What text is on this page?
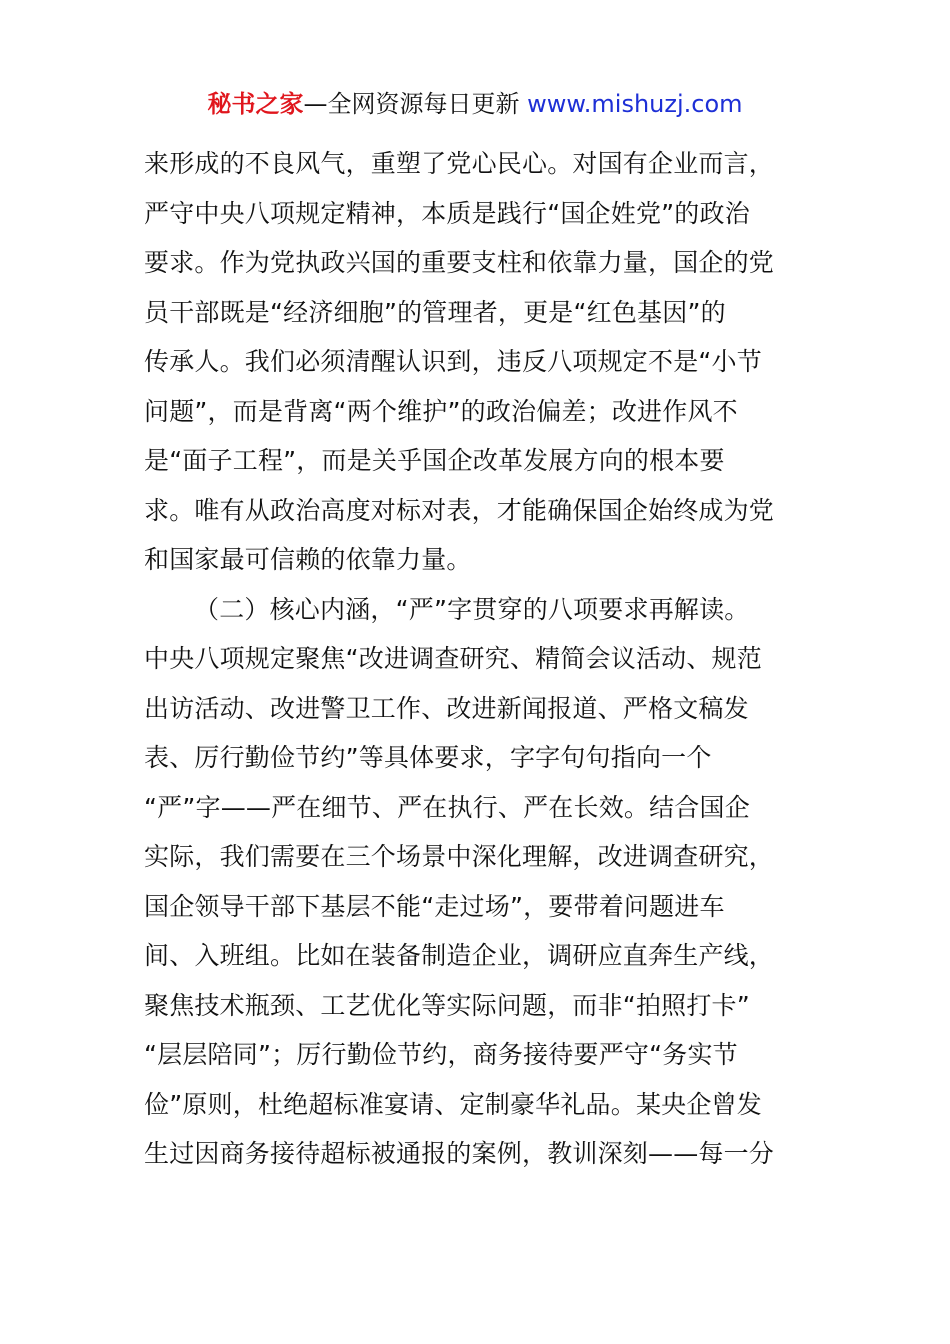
秘书之家—全网资源每日更新 www.mishuzj.com
来形成的不良风气，重塑了党心民心。对国有企业而言，
严守中央八项规定精神，本质是践行“国企姓党”的政治
要求。作为党执政兴国的重要支柱和依靠力量，国企的党
员干部既是“经济细胞”的管理者，更是“红色基因”的
传承人。我们必须清醒认识到，违反八项规定不是“小节
问题”，而是背离“两个维护”的政治偏差；改进作风不
是“面子工程”，而是关乎国企改革发展方向的根本要
求。唯有从政治高度对标对表，才能确保国企始终成为党
和国家最可信赖的依靠力量。
（二）核心内涵，“严”字贯穿的八项要求再解读。
中央八项规定聚焦“改进调查研究、精简会议活动、规范
出访活动、改进警卫工作、改进新闻报道、严格文稿发
表、厉行勤俭节约”等具体要求，字字句句指向一个
“严”字——严在细节、严在执行、严在长效。结合国企
实际，我们需要在三个场景中深化理解，改进调查研究，
国企领导干部下基层不能“走过场”，要带着问题进车
间、入班组。比如在装备制造企业，调研应直奔生产线，
聚焦技术瓶颈、工艺优化等实际问题，而非“拍照打卡”
“层层陪同”；厉行勤俭节约，商务接待要严守“务实节
俭”原则，杜绝超标准宴请、定制豪华礼品。某央企曾发
生过因商务接待超标被通报的案例，教训深刻——每一分
